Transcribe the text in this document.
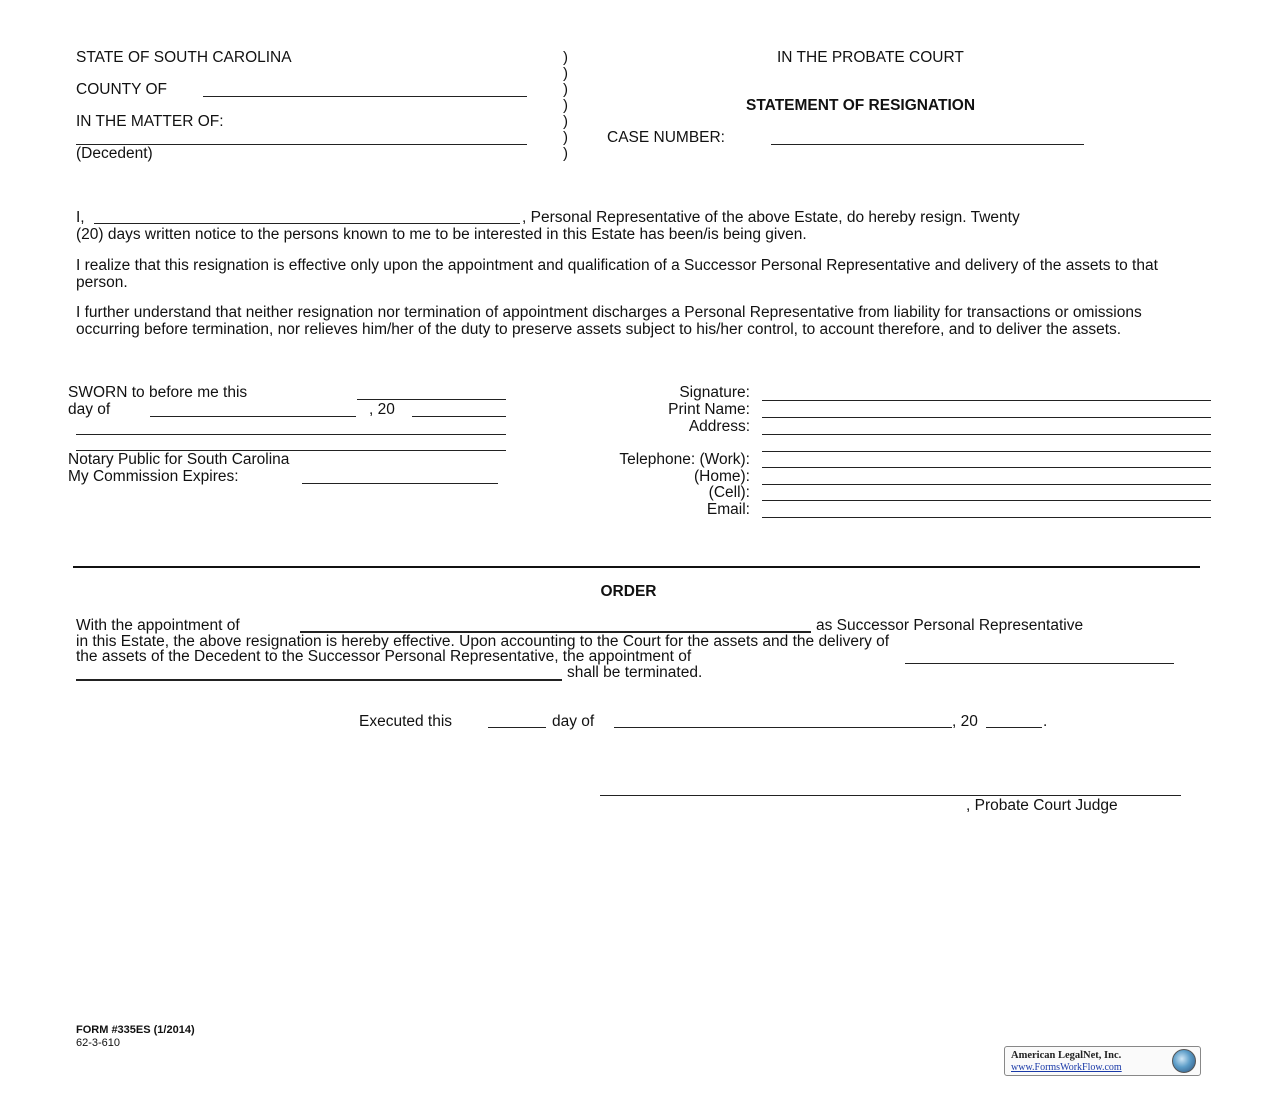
STATE OF SOUTH CAROLINA
COUNTY OF
IN THE MATTER OF:
(Decedent)
)
)
)
)
)
)
)
IN THE PROBATE COURT
STATEMENT OF RESIGNATION
CASE NUMBER:
I,	, Personal Representative of the above Estate, do hereby resign. Twenty
(20) days written notice to the persons known to me to be interested in this Estate has been/is being given.
I realize that this resignation is effective only upon the appointment and qualification of a Successor Personal Representative and delivery of the assets to that person.
I further understand that neither resignation nor termination of appointment discharges a Personal Representative from liability for transactions or omissions occurring before termination, nor relieves him/her of the duty to preserve assets subject to his/her control, to account therefore, and to deliver the assets.
SWORN to before me this
day of	, 20
Notary Public for South Carolina
My Commission Expires:
Signature:
Print Name:
Address:
Telephone: (Work):
(Home):
(Cell):
Email:
ORDER
With the appointment of	as Successor Personal Representative
in this Estate, the above resignation is hereby effective. Upon accounting to the Court for the assets and the delivery of
the assets of the Decedent to the Successor Personal Representative, the appointment of
shall be terminated.
Executed this	day of	, 20	.
, Probate Court Judge
FORM #335ES (1/2014)
62-3-610
American LegalNet, Inc.
www.FormsWorkFlow.com
